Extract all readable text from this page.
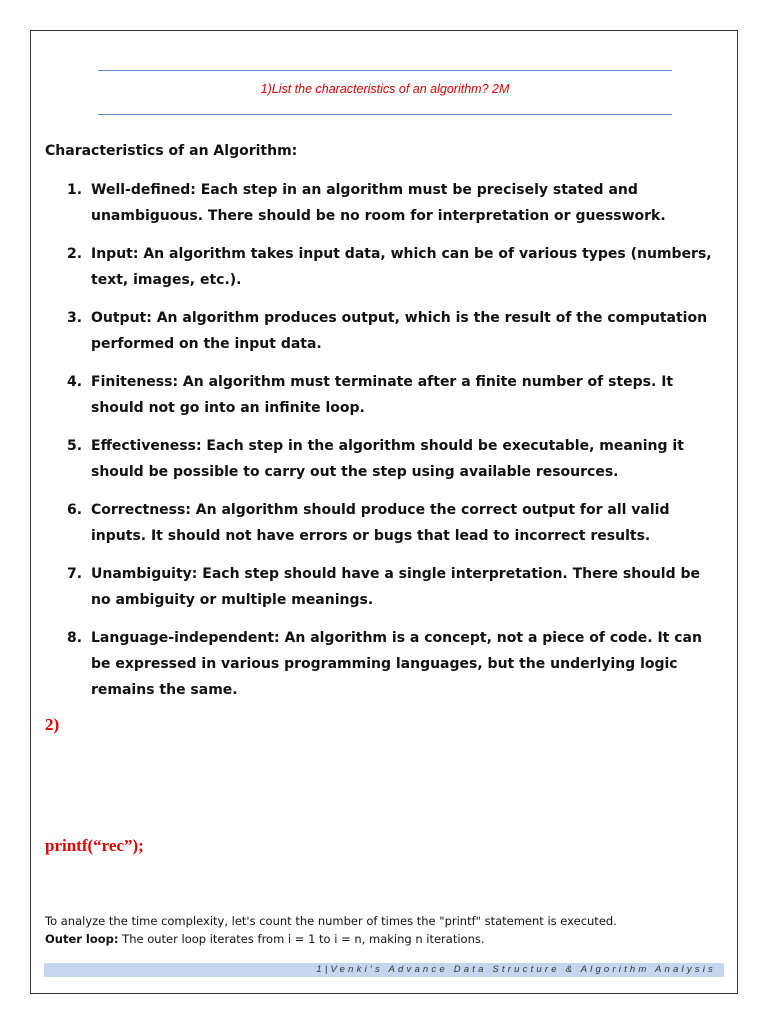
1)List the characteristics of an algorithm? 2M
Characteristics of an Algorithm:
1. Well-defined: Each step in an algorithm must be precisely stated and unambiguous. There should be no room for interpretation or guesswork.
2. Input: An algorithm takes input data, which can be of various types (numbers, text, images, etc.).
3. Output: An algorithm produces output, which is the result of the computation performed on the input data.
4. Finiteness: An algorithm must terminate after a finite number of steps. It should not go into an infinite loop.
5. Effectiveness: Each step in the algorithm should be executable, meaning it should be possible to carry out the step using available resources.
6. Correctness: An algorithm should produce the correct output for all valid inputs. It should not have errors or bugs that lead to incorrect results.
7. Unambiguity: Each step should have a single interpretation. There should be no ambiguity or multiple meanings.
8. Language-independent: An algorithm is a concept, not a piece of code. It can be expressed in various programming languages, but the underlying logic remains the same.
2)
printf(“rec”);
To analyze the time complexity, let's count the number of times the "printf" statement is executed.
Outer loop: The outer loop iterates from i = 1 to i = n, making n iterations.
1|Venki’s Advance Data Structure & Algorithm Analysis
